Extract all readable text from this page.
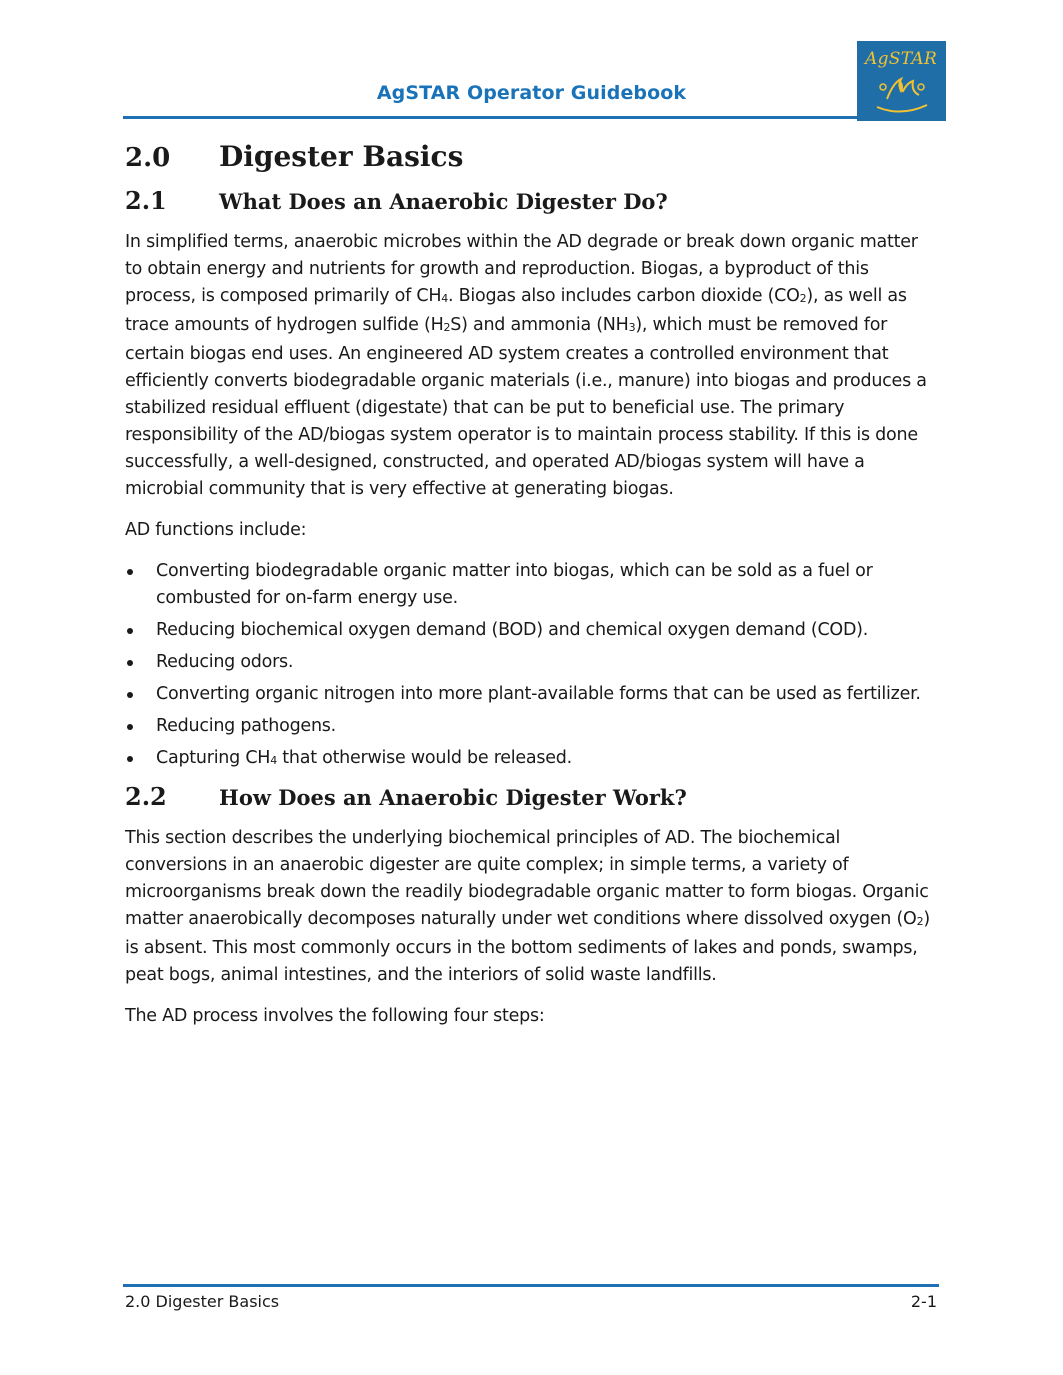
AgSTAR Operator Guidebook
AgSTAR
2.0	Digester Basics
2.1	What Does an Anaerobic Digester Do?

In simplified terms, anaerobic microbes within the AD degrade or break down organic matter to obtain energy and nutrients for growth and reproduction. Biogas, a byproduct of this process, is composed primarily of $CH_4$. Biogas also includes carbon dioxide $(CO_2)$, as well as trace amounts of hydrogen sulfide $(H_2S)$ and ammonia $(NH_3)$, which must be removed for certain biogas end uses. An engineered AD system creates a controlled environment that efficiently converts biodegradable organic materials (i.e., manure) into biogas and produces a stabilized residual effluent (digestate) that can be put to beneficial use. The primary responsibility of the AD/biogas system operator is to maintain process stability. If this is done successfully, a well-designed, constructed, and operated AD/biogas system will have a microbial community that is very effective at generating biogas.

AD functions include:

Converting biodegradable organic matter into biogas, which can be sold as a fuel or combusted for on-farm energy use.
Reducing biochemical oxygen demand (BOD) and chemical oxygen demand (COD).
Reducing odors.
Converting organic nitrogen into more plant-available forms that can be used as fertilizer.
Reducing pathogens.
Capturing $CH_4$ that otherwise would be released.
2.2	How Does an Anaerobic Digester Work?

This section describes the underlying biochemical principles of AD. The biochemical conversions in an anaerobic digester are quite complex; in simple terms, a variety of microorganisms break down the readily biodegradable organic matter to form biogas. Organic matter anaerobically decomposes naturally under wet conditions where dissolved oxygen $(O_2)$ is absent. This most commonly occurs in the bottom sediments of lakes and ponds, swamps, peat bogs, animal intestines, and the interiors of solid waste landfills.

The AD process involves the following four steps:

2.0 Digester Basics	2-1
